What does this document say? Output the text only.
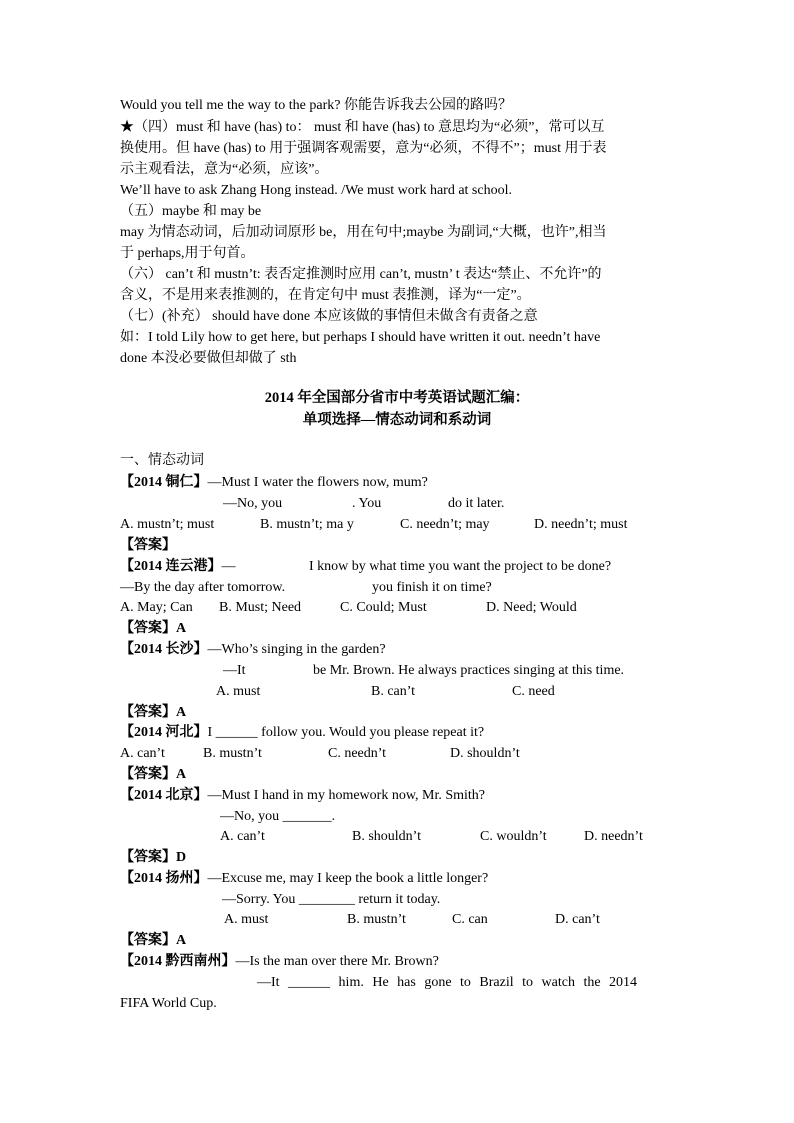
Would you tell me the way to the park? 你能告诉我去公园的路吗？
★（四）must 和 have (has) to： must 和 have (has) to 意思均为“必须”，常可以互
换使用。但 have (has) to 用于强调客观需要，意为“必须，不得不”；must 用于表
示主观看法，意为“必须，应该”。
We’ll have to ask Zhang Hong instead. /We must work hard at school.
（五）maybe 和 may be
may 为情态动词，后加动词原形 be，用在句中;maybe 为副词,“大概，也许”,相当
于 perhaps,用于句首。
（六） can’t 和 mustn’t: 表否定推测时应用 can’t, mustn’ t 表达“禁止、不允许”的
含义，不是用来表推测的，在肯定句中 must 表推测，译为“一定”。
（七）(补充） should have done 本应该做的事情但未做含有责备之意
如：I told Lily how to get here, but perhaps I should have written it out. needn’t have
done 本没必要做但却做了 sth
2014 年全国部分省市中考英语试题汇编：
单项选择—情态动词和系动词
一、情态动词
【2014 铜仁】—Must I water the flowers now, mum?
—No, you	. You	do it later.
A. mustn’t; must	B. mustn’t; ma y	C. needn’t; may	D. needn’t; must
【答案】
【2014 连云港】—	I know by what time you want the project to be done?
—By the day after tomorrow.	you finish it on time?
A. May; Can B. Must; Need	C. Could; Must	D. Need; Would
【答案】A
【2014 长沙】—Who’s singing in the garden?
—It	be Mr. Brown. He always practices singing at this time.
A. must	B. can’t	C. need
【答案】A
【2014 河北】I ______ follow you. Would you please repeat it?
A. can’t	B. mustn’t	C. needn’t	D. shouldn’t
【答案】A
【2014 北京】—Must I hand in my homework now, Mr. Smith?
—No, you _______.
A. can’t	B. shouldn’t	C. wouldn’t	D. needn’t
【答案】D
【2014 扬州】—Excuse me, may I keep the book a little longer?
—Sorry. You ________ return it today.
A. must	B. mustn’t	C. can	D. can’t
【答案】A
【2014 黔西南州】—Is the man over there Mr. Brown?
—It ______ him. He has gone to Brazil to watch the 2014
FIFA World Cup.
